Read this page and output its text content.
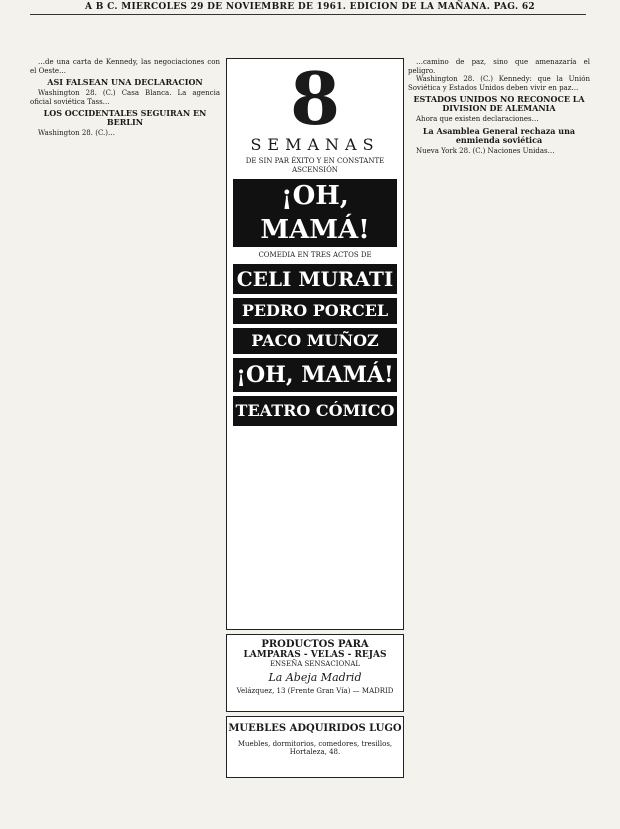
A B C. MIERCOLES 29 DE NOVIEMBRE DE 1961. EDICION DE LA MAÑANA. PAG. 62

…de una carta de Kennedy, las negociaciones con el Oeste…

ASI FALSEAN UNA DECLARACION

Washington 28. (C.) Casa Blanca. La agencia oficial soviética Tass…

LOS OCCIDENTALES SEGUIRAN EN BERLIN

Washington 28. (C.)…	8
SEMANAS
DE SIN PAR ÉXITO Y EN CONSTANTE ASCENSIÓN
¡OH, MAMÁ!
COMEDIA EN TRES ACTOS DE
CELI MURATI
PEDRO PORCEL
PACO MUÑOZ
¡OH, MAMÁ!
TEATRO CÓMICO
PRODUCTOS PARA
LAMPARAS - VELAS - REJAS
ENSEÑA SENSACIONAL
La Abeja Madrid
Velázquez, 13 (Frente Gran Vía) — MADRID
MUEBLES ADQUIRIDOS LUGO
Muebles, dormitorios, comedores, tresillos, Hortaleza, 48.

…camino de paz, sino que amenazaría el peligro.

Washington 28. (C.) Kennedy: que la Unión Soviética y Estados Unidos deben vivir en paz…

ESTADOS UNIDOS NO RECONOCE LA DIVISION DE ALEMANIA

Ahora que existen declaraciones…

La Asamblea General rechaza una enmienda soviética

Nueva York 28. (C.) Naciones Unidas…
